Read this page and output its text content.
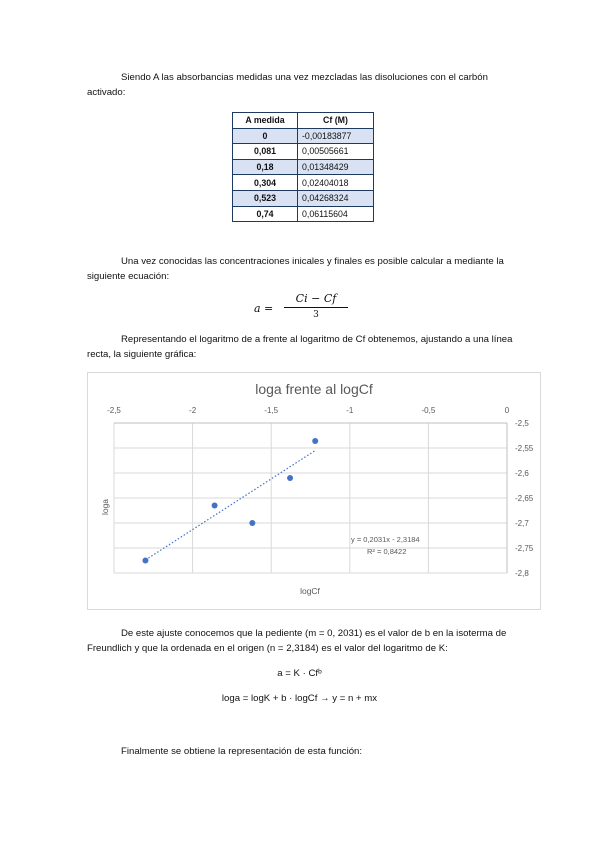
Siendo A las absorbancias medidas una vez mezcladas las disoluciones con el carbón activado:
A medida	Cf (M)
0	-0,00183877
0,081	0,00505661
0,18	0,01348429
0,304	0,02404018
0,523	0,04268324
0,74	0,06115604
Una vez conocidas las concentraciones inicales y finales es posible calcular a mediante la siguiente ecuación:
a =
Ci − Cf
3
Representando el logaritmo de a frente al logaritmo de Cf obtenemos, ajustando a una línea recta, la siguiente gráfica:
loga frente al logCf
-2,5
-2,55
-2,6
-2,65
-2,7
-2,75
-2,8
-2,5	-2	-1,5	-1	-0,5	0
logCf
loga
y = 0,2031x - 2,3184
R² = 0,8422
De este ajuste conocemos que la pediente (m = 0, 2031) es el valor de b en la isoterma de Freundlich y que la ordenada en el origen (n = 2,3184) es el valor del logaritmo de K:
a = K · Cfᵇ
loga = logK + b · logCf → y = n + mx
Finalmente se obtiene la representación de esta función:
